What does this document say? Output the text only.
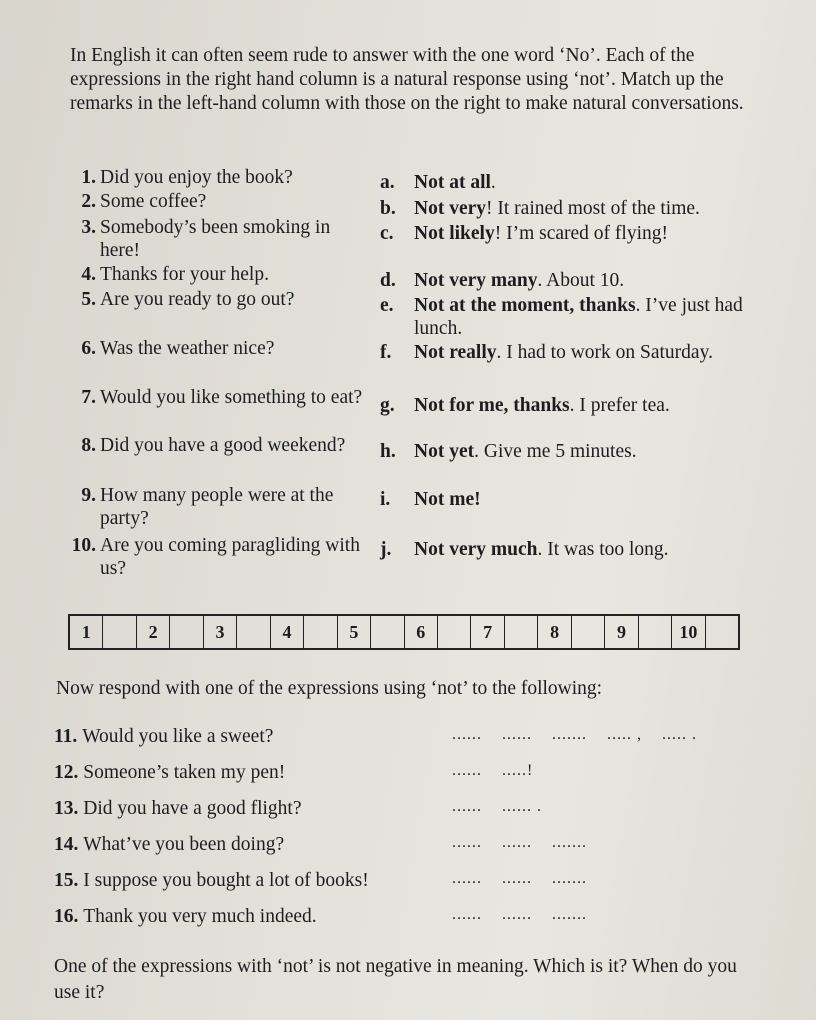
In English it can often seem rude to answer with the one word ‘No’. Each of the expressions in the right hand column is a natural response using ‘not’. Match up the remarks in the left-hand column with those on the right to make natural conversations.
1. Did you enjoy the book?
2. Some coffee?
3. Somebody’s been smoking in here!
4. Thanks for your help.
5. Are you ready to go out?
6. Was the weather nice?
7. Would you like something to eat?
8. Did you have a good weekend?
9. How many people were at the party?
10. Are you coming paragliding with us?
a. Not at all.
b. Not very! It rained most of the time.
c.	Not likely! I’m scared of flying!
d. Not very many. About 10.
e.	Not at the moment, thanks. I’ve just had lunch.
f.	Not really. I had to work on Saturday.
g. Not for me, thanks. I prefer tea.
h. Not yet. Give me 5 minutes.
i.	Not me!
j.	Not very much. It was too long.
1	2	3	4	5	6	7	8	9	10
Now respond with one of the expressions using ‘not’ to the following:
11.
Would you like a sweet?	......    ......    .......    ..... ,    ..... .
12.
Someone’s taken my pen!	......    .....!
13.
Did you have a good flight?	......    ...... .
14.
What’ve you been doing?	......    ......    .......
15.
I suppose you bought a lot of books!	......    ......    .......
16.
Thank you very much indeed.	......    ......    .......
One of the expressions with ‘not’ is not negative in meaning. Which is it? When do you use it?
